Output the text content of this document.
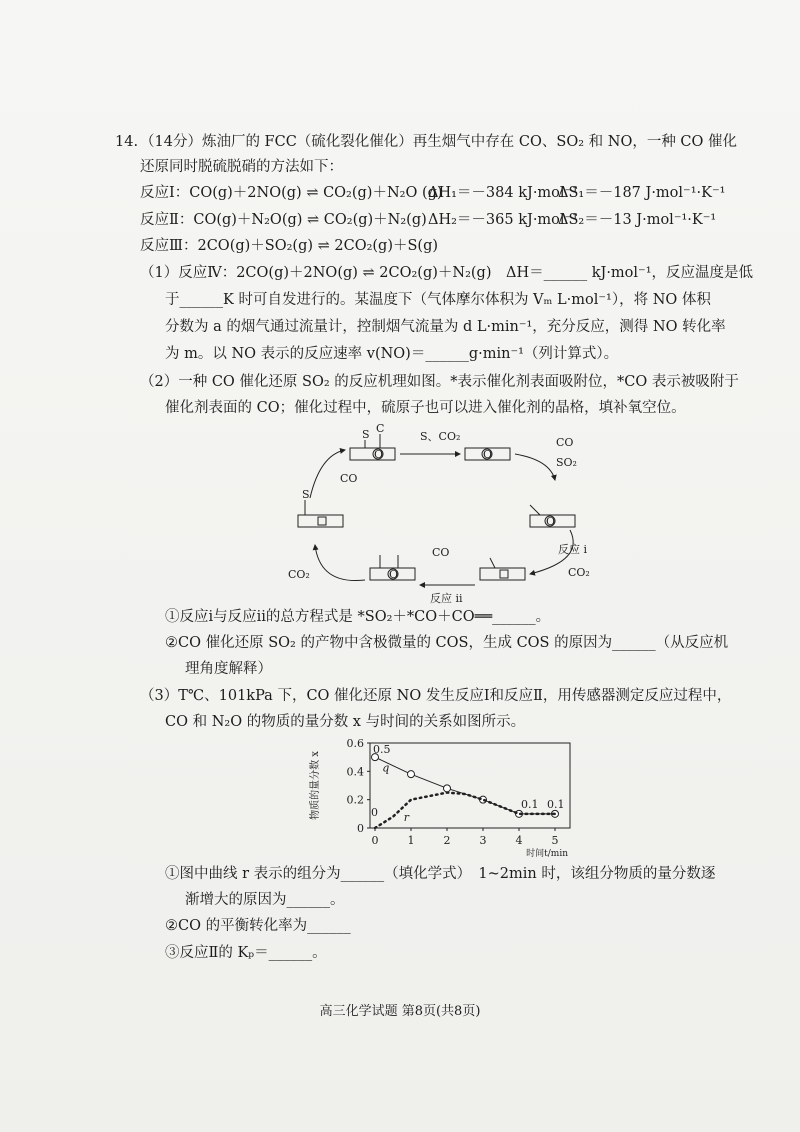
14. （14分）炼油厂的 FCC（硫化裂化催化）再生烟气中存在 CO、SO₂ 和 NO，一种 CO 催化
还原同时脱硫脱硝的方法如下：
反应Ⅰ：CO(g)＋2NO(g) ⇌ CO₂(g)＋N₂O (g)
ΔH₁＝－384 kJ·mol⁻¹
ΔS₁＝－187 J·mol⁻¹·K⁻¹
反应Ⅱ：CO(g)＋N₂O(g) ⇌ CO₂(g)＋N₂(g) ΔH₂＝－365 kJ·mol⁻¹
ΔS₂＝－13 J·mol⁻¹·K⁻¹
反应Ⅲ：2CO(g)＋SO₂(g) ⇌ 2CO₂(g)＋S(g)
（1）反应Ⅳ：2CO(g)＋2NO(g) ⇌ 2CO₂(g)＋N₂(g)　ΔH＝______ kJ·mol⁻¹，反应温度是低
于______K 时可自发进行的。某温度下（气体摩尔体积为 Vₘ L·mol⁻¹），将 NO 体积
分数为 a 的烟气通过流量计，控制烟气流量为 d L·min⁻¹，充分反应，测得 NO 转化率
为 m。以 NO 表示的反应速率 v(NO)＝______g·min⁻¹（列计算式）。
（2）一种 CO 催化还原 SO₂ 的反应机理如图。*表示催化剂表面吸附位，*CO 表示被吸附于
催化剂表面的 CO；催化过程中，硫原子也可以进入催化剂的晶格，填补氧空位。
S C
O
S、CO₂
O
CO
SO₂
CO
S
O
反应 i
CO₂
CO
反应 ii
O
CO₂
①反应ⅰ与反应ⅱ的总方程式是 *SO₂＋*CO＋CO══______。
②CO 催化还原 SO₂ 的产物中含极微量的 COS，生成 COS 的原因为______（从反应机
理角度解释）
（3）T℃、101kPa 下，CO 催化还原 NO 发生反应Ⅰ和反应Ⅱ，用传感器测定反应过程中，
CO 和 N₂O 的物质的量分数 x 与时间的关系如图所示。
0
0.2
0.4
0.6
0	1	2	3	4	5
时间t/min
物质的量分数 x
0.5
0
0.1 0.1
q
r
①图中曲线 r 表示的组分为______（填化学式）　1~2min 时，该组分物质的量分数逐
渐增大的原因为______。
②CO 的平衡转化率为______
③反应Ⅱ的 Kₚ＝______。
高三化学试题 第8页(共8页)
